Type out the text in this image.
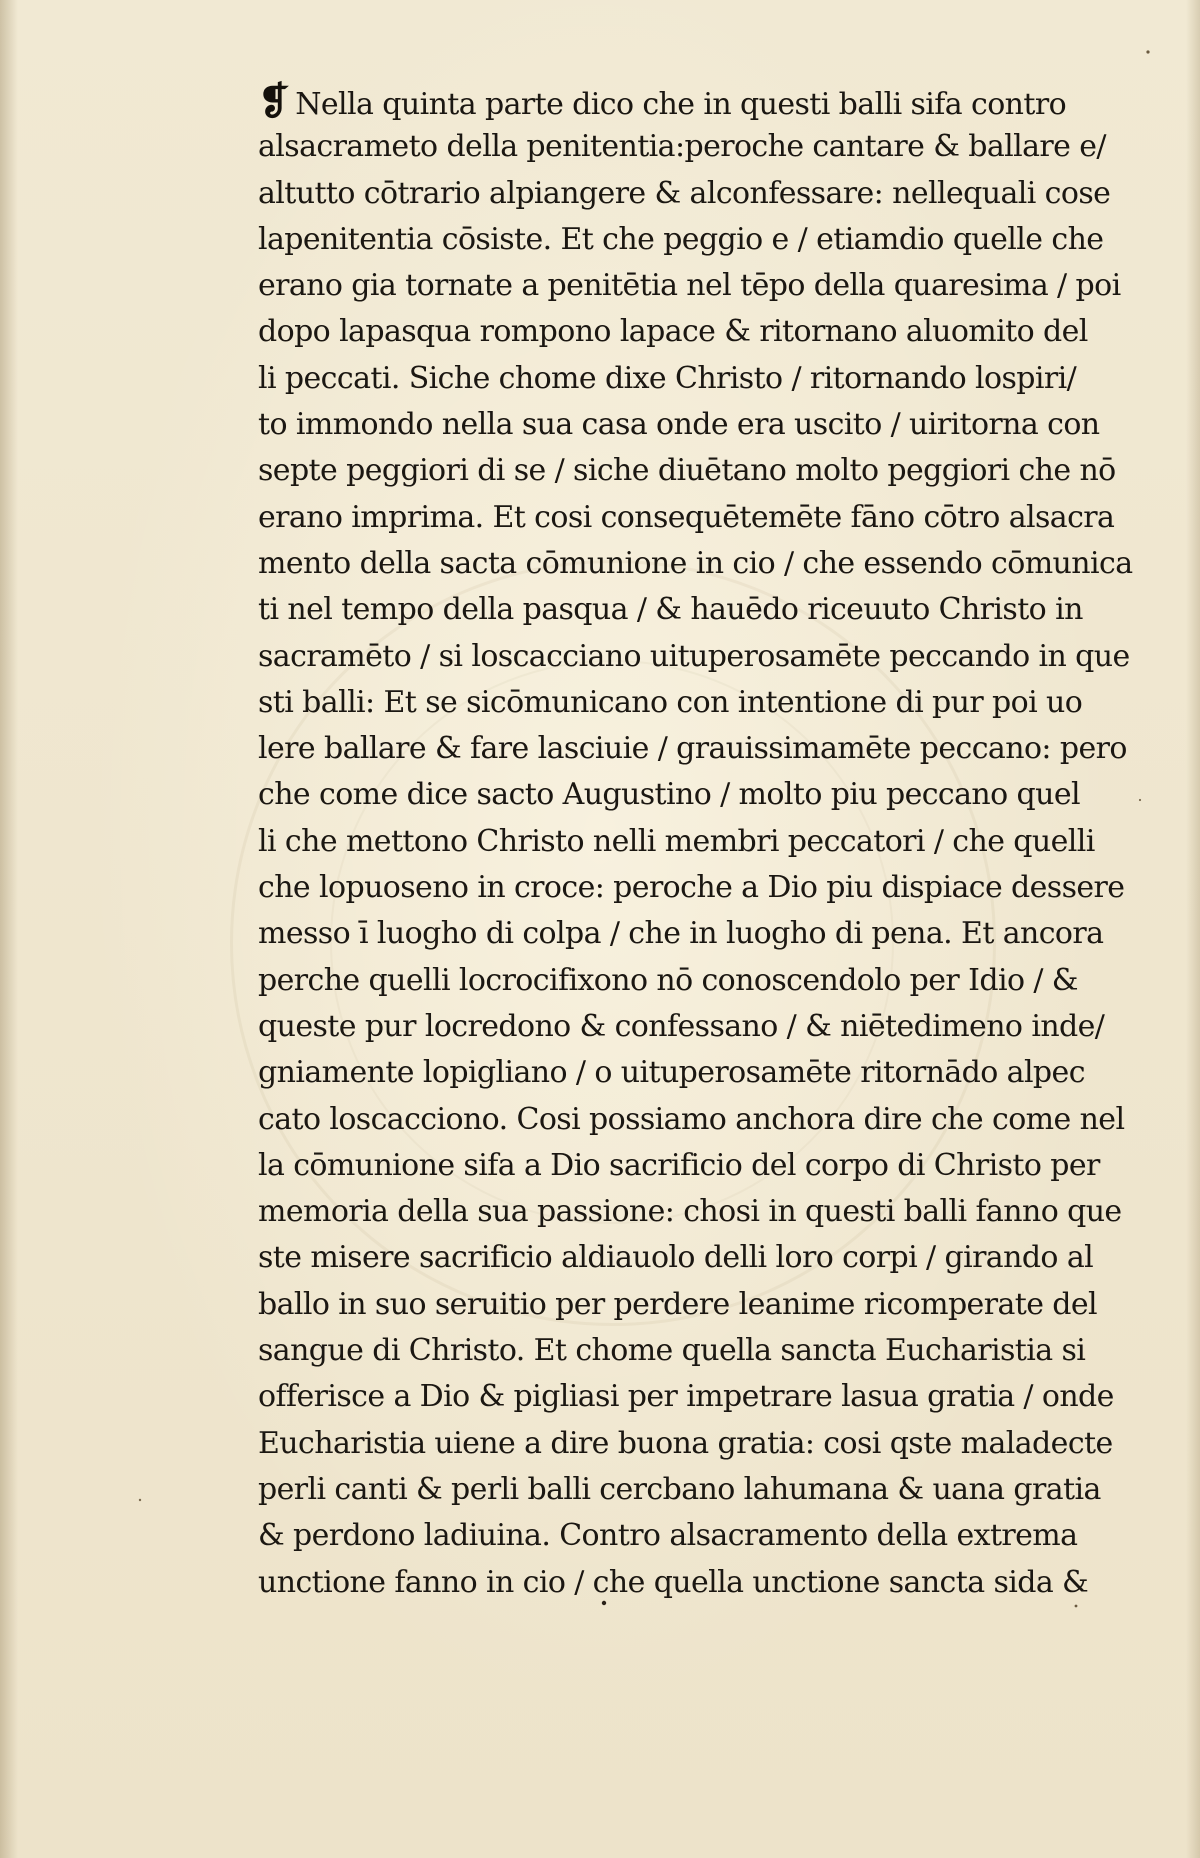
❡ Nella quinta parte dico che in questi balli sifa contro
alsacrameto della penitentia:peroche cantare & ballare e/
altutto cōtrario alpiangere & alconfessare: nellequali cose
lapenitentia cōsiste. Et che peggio e / etiamdio quelle che
erano gia tornate a penitētia nel tēpo della quaresima / poi
dopo lapasqua rompono lapace & ritornano aluomito del
li peccati. Siche chome dixe Christo / ritornando lospiri/
to immondo nella sua casa onde era uscito / uiritorna con
septe peggiori di se / siche diuētano molto peggiori che nō
erano imprima. Et cosi consequētemēte fāno cōtro alsacra
mento della sacta cōmunione in cio / che essendo cōmunica
ti nel tempo della pasqua / & hauēdo riceuuto Christo in
sacramēto / si loscacciano uituperosamēte peccando in que
sti balli: Et se sicōmunicano con intentione di pur poi uo
lere ballare & fare lasciuie / grauissimamēte peccano: pero
che come dice sacto Augustino / molto piu peccano quel
li che mettono Christo nelli membri peccatori / che quelli
che lopuoseno in croce: peroche a Dio piu dispiace dessere
messo ī luogho di colpa / che in luogho di pena. Et ancora
perche quelli locrocifixono nō conoscendolo per Idio / &
queste pur locredono & confessano / & niētedimeno inde/
gniamente lopigliano / o uituperosamēte ritornādo alpec
cato loscacciono. Cosi possiamo anchora dire che come nel
la cōmunione sifa a Dio sacrificio del corpo di Christo per
memoria della sua passione: chosi in questi balli fanno que
ste misere sacrificio aldiauolo delli loro corpi / girando al
ballo in suo seruitio per perdere leanime ricomperate del
sangue di Christo. Et chome quella sancta Eucharistia si
offerisce a Dio & pigliasi per impetrare lasua gratia / onde
Eucharistia uiene a dire buona gratia: cosi qste maladecte
perli canti & perli balli cercbano lahumana & uana gratia
& perdono ladiuina. Contro alsacramento della extrema
unctione fanno in cio / che quella unctione sancta sida &
